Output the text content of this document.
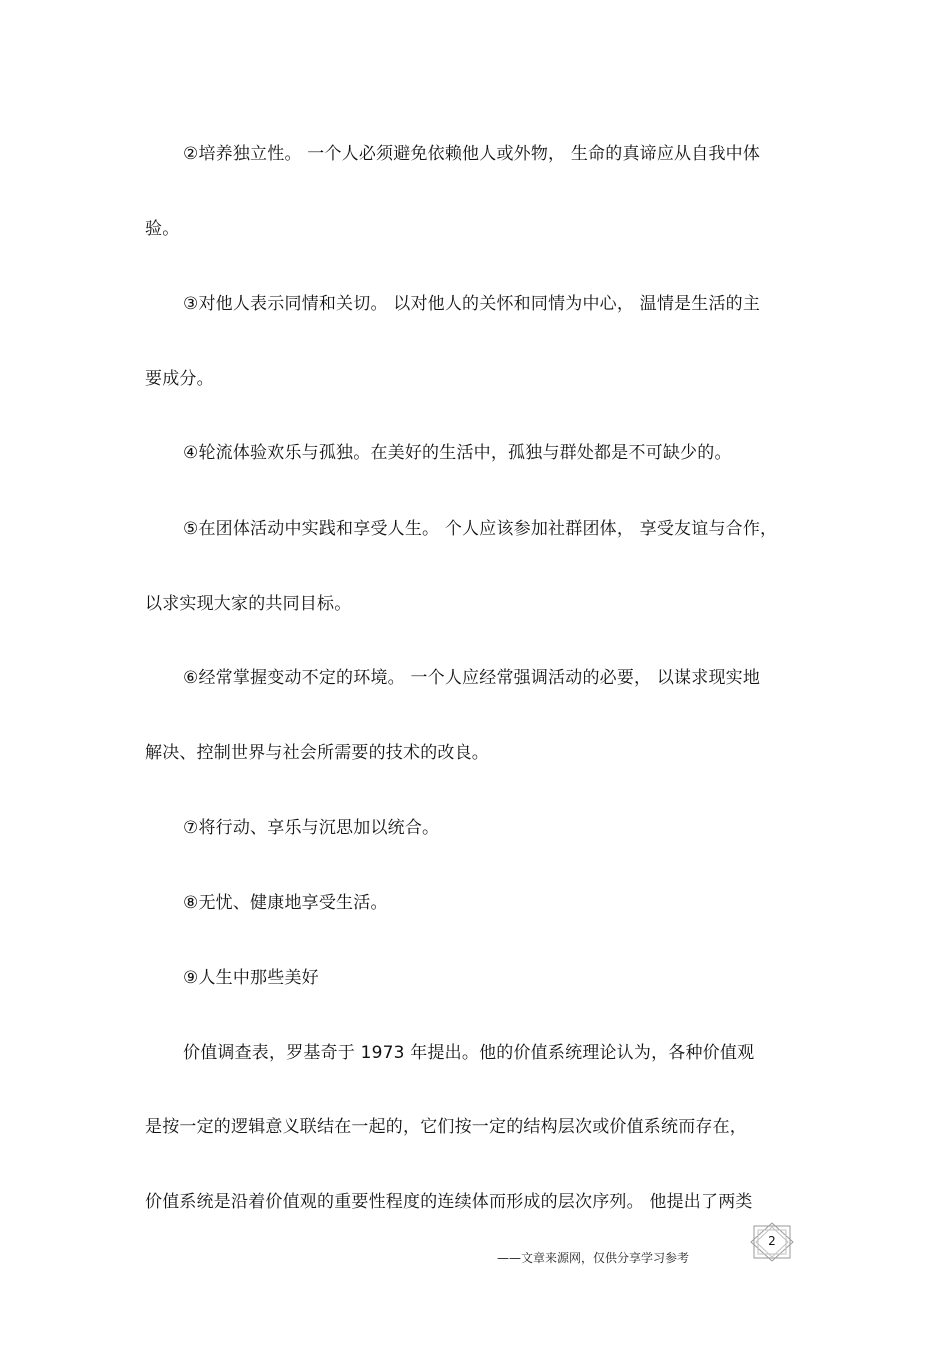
②培养独立性。 一个人必须避免依赖他人或外物， 生命的真谛应从自我中体
验。
③对他人表示同情和关切。 以对他人的关怀和同情为中心， 温情是生活的主
要成分。
④轮流体验欢乐与孤独。在美好的生活中，孤独与群处都是不可缺少的。
⑤在团体活动中实践和享受人生。 个人应该参加社群团体， 享受友谊与合作，
以求实现大家的共同目标。
⑥经常掌握变动不定的环境。 一个人应经常强调活动的必要， 以谋求现实地
解决、控制世界与社会所需要的技术的改良。
⑦将行动、享乐与沉思加以统合。
⑧无忧、健康地享受生活。
⑨人生中那些美好
价值调查表，罗基奇于 1973 年提出。他的价值系统理论认为，各种价值观
是按一定的逻辑意义联结在一起的，它们按一定的结构层次或价值系统而存在，
价值系统是沿着价值观的重要性程度的连续体而形成的层次序列。 他提出了两类
——文章来源网，仅供分享学习参考
2
